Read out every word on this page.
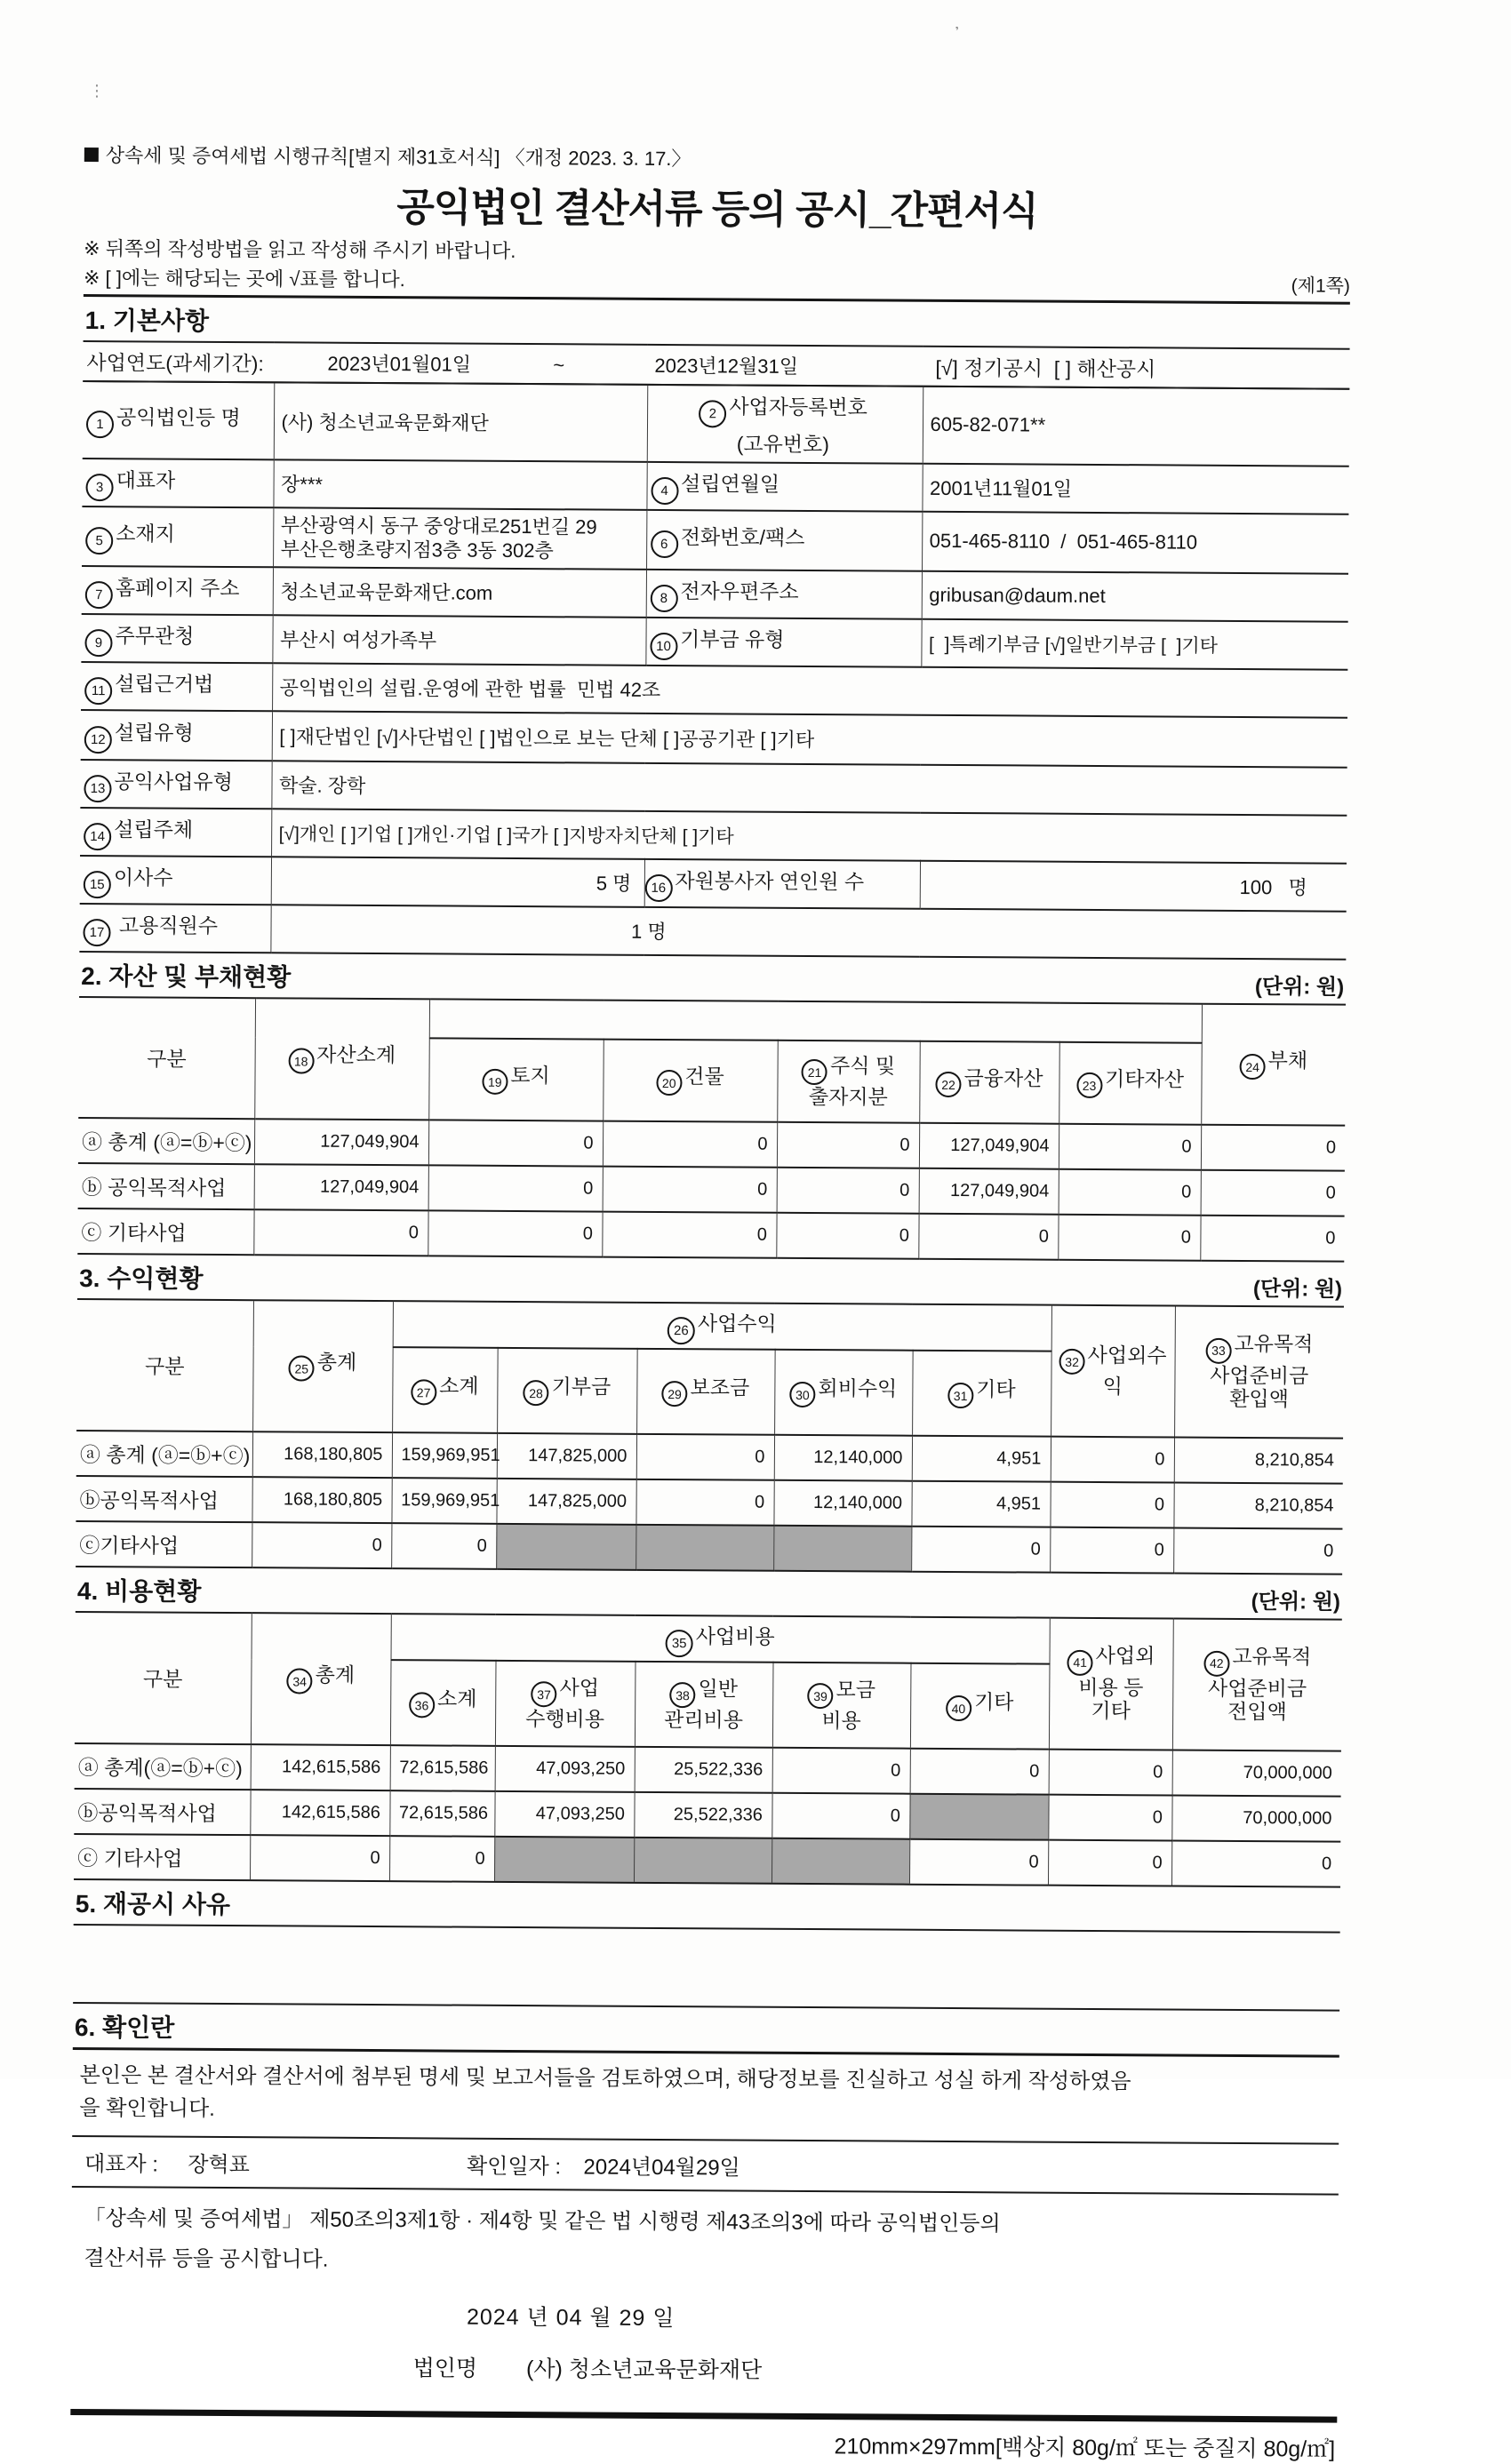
⋮
𝄒
상속세 및 증여세법 시행규칙[별지 제31호서식] 〈개정 2023. 3. 17.〉
공익법인 결산서류 등의 공시_간편서식
※ 뒤쪽의 작성방법을 읽고 작성해 주시기 바랍니다.
※ [ ]에는 해당되는 곳에 √표를 합니다.	(제1쪽)
1. 기본사항
사업연도(과세기간):	2023년01월01일	~	2023년12월31일	[√] 정기공시  [ ] 해산공시
1 공익법인등 명	(사) 청소년교육문화재단	2 사업자등록번호
(고유번호)	605-82-071**
3 대표자	장***	4 설립연월일	2001년11월01일
5 소재지	부산광역시 동구 중앙대로251번길 29
부산은행초량지점3층 3동 302층	6 전화번호/팩스	051-465-8110  /  051-465-8110
7 홈페이지 주소	청소년교육문화재단.com	8 전자우편주소	gribusan@daum.net
9 주무관청	부산시 여성가족부	10 기부금 유형	[  ]특례기부금 [√]일반기부금 [  ]기타
11 설립근거법	공익법인의 설립.운영에 관한 법률  민법 42조		
12 설립유형	[ ]재단법인 [√]사단법인 [ ]법인으로 보는 단체 [ ]공공기관 [ ]기타		
13 공익사업유형	학술. 장학		
14 설립주체	[√]개인 [ ]기업 [ ]개인·기업 [ ]국가 [ ]지방자치단체 [ ]기타		
15 이사수	5 명	16 자원봉사자 연인원 수	100   명
17 고용직원수	1 명		
2. 자산 및 부채현황	(단위: 원)
구분	18 자산소계						24 부채
		19 토지	20 건물	21 주식 및
출자지분	22 금융자산	23 기타자산	
ⓐ 총계 (ⓐ=ⓑ+ⓒ)	127,049,904	0	0	0	127,049,904	0	0
ⓑ 공익목적사업	127,049,904	0	0	0	127,049,904	0	0
ⓒ 기타사업	0	0	0	0	0	0	0
3. 수익현황	(단위: 원)
구분	25 총계	26 사업수익					32 사업외수
익	33 고유목적
사업준비금
환입액
		27 소계	28 기부금	29 보조금	30 회비수익	31 기타		
ⓐ 총계 (ⓐ=ⓑ+ⓒ)	168,180,805	159,969,951	147,825,000	0	12,140,000	4,951	0	8,210,854
ⓑ공익목적사업	168,180,805	159,969,951	147,825,000	0	12,140,000	4,951	0	8,210,854
ⓒ기타사업	0	0				0	0	0
4. 비용현황	(단위: 원)
구분	34 총계	35 사업비용					41 사업외
비용 등
기타	42 고유목적
사업준비금
전입액
		36 소계	37 사업
수행비용	38 일반
관리비용	39 모금
비용	40 기타		
ⓐ 총계(ⓐ=ⓑ+ⓒ)	142,615,586	72,615,586	47,093,250	25,522,336	0	0	0	70,000,000
ⓑ공익목적사업	142,615,586	72,615,586	47,093,250	25,522,336	0		0	70,000,000
ⓒ 기타사업	0	0				0	0	0
5. 재공시 사유
6. 확인란
본인은 본 결산서와 결산서에 첨부된 명세 및 보고서들을 검토하였으며, 해당정보를 진실하고 성실 하게 작성하였음
을 확인합니다.
대표자 : 장혁표	확인일자 : 2024년04월29일
「상속세 및 증여세법」 제50조의3제1항 · 제4항 및 같은 법 시행령 제43조의3에 따라 공익법인등의
결산서류 등을 공시합니다.
2024 년 04 월 29 일
법인명 (사) 청소년교육문화재단
210mm×297mm[백상지 80g/㎡ 또는 중질지 80g/㎡]
